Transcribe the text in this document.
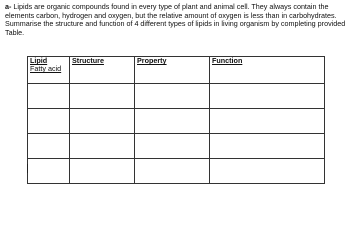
a- Lipids are organic compounds found in every type of plant and animal cell. They always contain the elements carbon, hydrogen and oxygen, but the relative amount of oxygen is less than in carbohydrates. Summarise the structure and function of 4 different types of lipids in living organism by completing provided Table.

Lipid
Fatty acid	Structure	Property	Function
